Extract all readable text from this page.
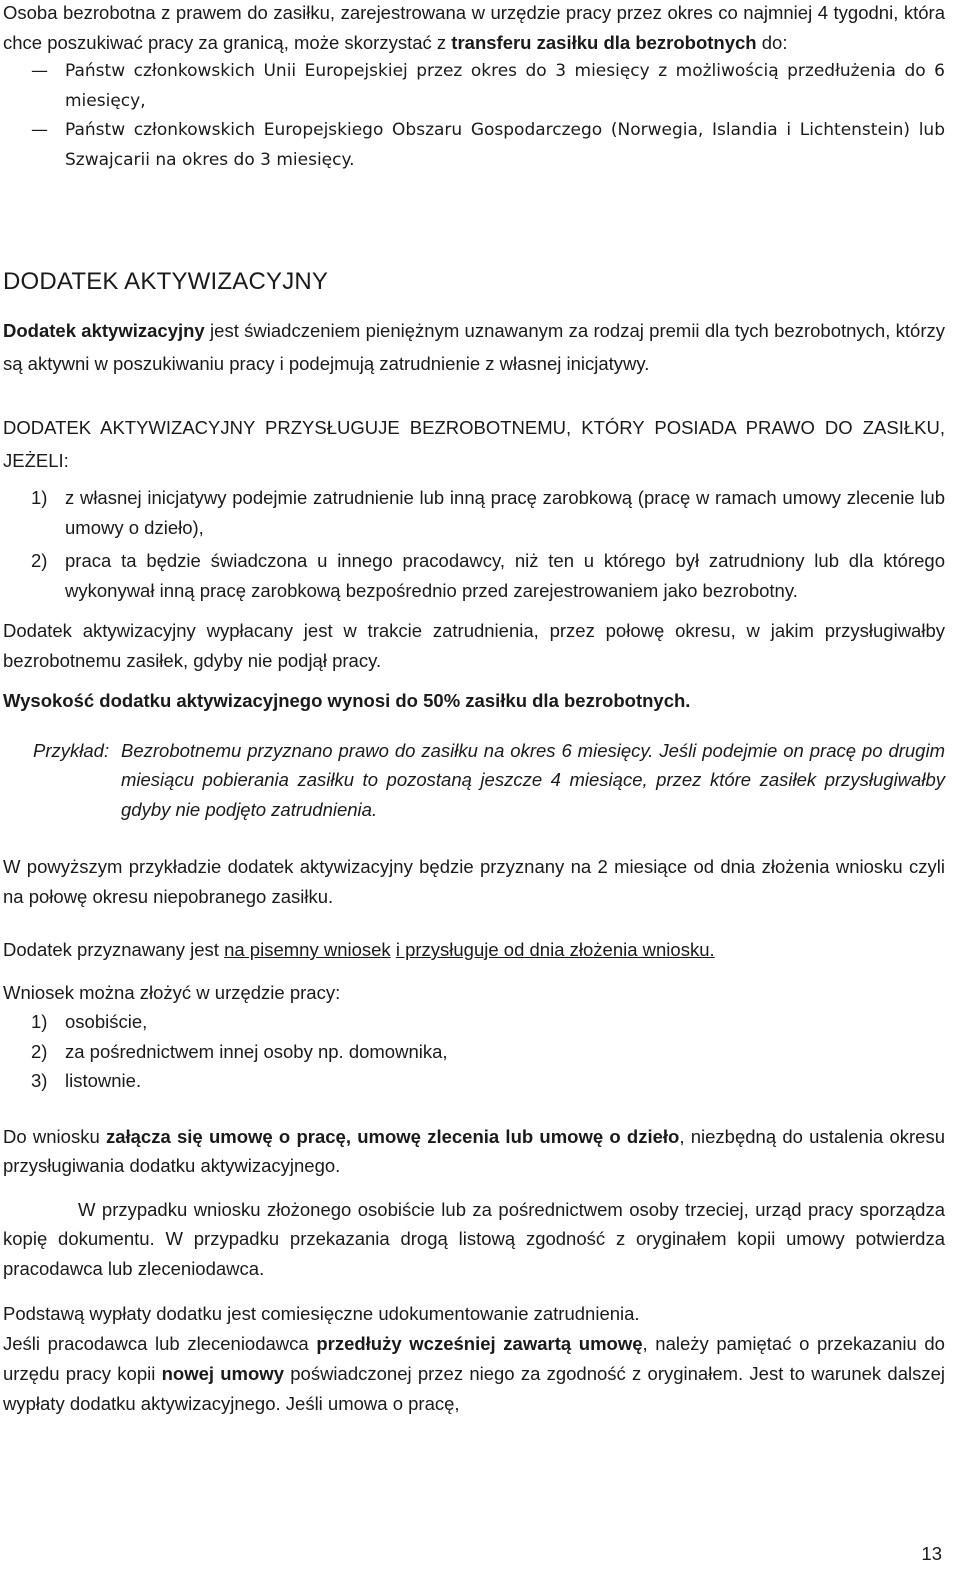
Osoba bezrobotna z prawem do zasiłku, zarejestrowana w urzędzie pracy przez okres co najmniej 4 tygodni, która chce poszukiwać pracy za granicą, może skorzystać z transferu zasiłku dla bezrobotnych do:

—	Państw członkowskich Unii Europejskiej przez okres do 3 miesięcy z możliwością przedłużenia do 6 miesięcy,
—	Państw członkowskich Europejskiego Obszaru Gospodarczego (Norwegia, Islandia i Lichtenstein) lub Szwajcarii na okres do 3 miesięcy.
DODATEK AKTYWIZACYJNY

Dodatek aktywizacyjny jest świadczeniem pieniężnym uznawanym za rodzaj premii dla tych bezrobotnych, którzy są aktywni w poszukiwaniu pracy i podejmują zatrudnienie z własnej inicjatywy.

DODATEK AKTYWIZACYJNY PRZYSŁUGUJE BEZROBOTNEMU, KTÓRY POSIADA PRAWO DO ZASIŁKU, JEŻELI:

1) z własnej inicjatywy podejmie zatrudnienie lub inną pracę zarobkową (pracę w ramach umowy zlecenie lub umowy o dzieło),
2) praca ta będzie świadczona u innego pracodawcy, niż ten u którego był zatrudniony lub dla którego wykonywał inną pracę zarobkową bezpośrednio przed zarejestrowaniem jako bezrobotny.

Dodatek aktywizacyjny wypłacany jest w trakcie zatrudnienia, przez połowę okresu, w jakim przysługiwałby bezrobotnemu zasiłek, gdyby nie podjął pracy.

Wysokość dodatku aktywizacyjnego wynosi do 50% zasiłku dla bezrobotnych.

Przykład: Bezrobotnemu przyznano prawo do zasiłku na okres 6 miesięcy. Jeśli podejmie on pracę po drugim miesiącu pobierania zasiłku to pozostaną jeszcze 4 miesiące, przez które zasiłek przysługiwałby gdyby nie podjęto zatrudnienia.

W powyższym przykładzie dodatek aktywizacyjny będzie przyznany na 2 miesiące od dnia złożenia wniosku czyli na połowę okresu niepobranego zasiłku.

Dodatek przyznawany jest na pisemny wniosek i przysługuje od dnia złożenia wniosku.

Wniosek można złożyć w urzędzie pracy:

1) osobiście,
2) za pośrednictwem innej osoby np. domownika,
3) listownie.

Do wniosku załącza się umowę o pracę, umowę zlecenia lub umowę o dzieło, niezbędną do ustalenia okresu przysługiwania dodatku aktywizacyjnego.

W przypadku wniosku złożonego osobiście lub za pośrednictwem osoby trzeciej, urząd pracy sporządza kopię dokumentu. W przypadku przekazania drogą listową zgodność z oryginałem kopii umowy potwierdza pracodawca lub zleceniodawca.

Podstawą wypłaty dodatku jest comiesięczne udokumentowanie zatrudnienia.

Jeśli pracodawca lub zleceniodawca przedłuży wcześniej zawartą umowę, należy pamiętać o przekazaniu do urzędu pracy kopii nowej umowy poświadczonej przez niego za zgodność z oryginałem. Jest to warunek dalszej wypłaty dodatku aktywizacyjnego. Jeśli umowa o pracę,

13
